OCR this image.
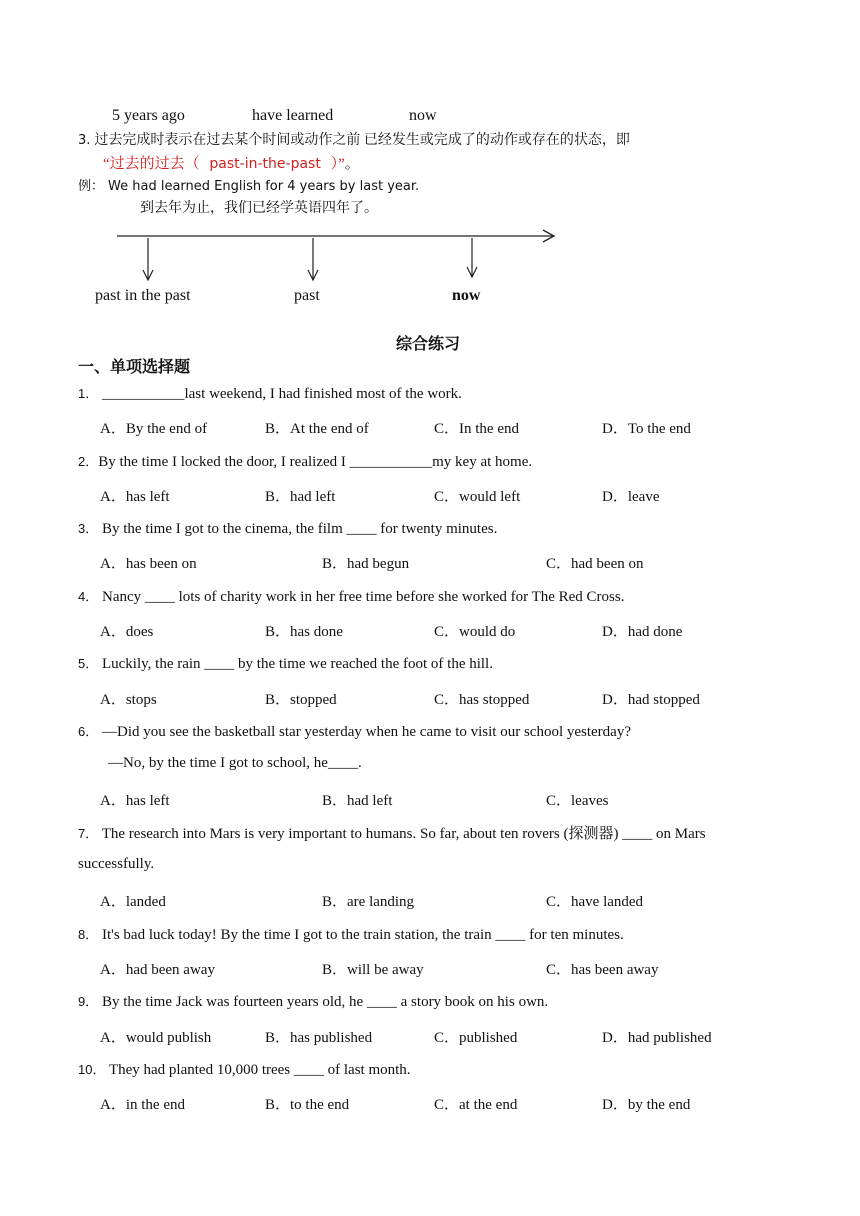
5 years ago	have learned	now
3. 过去完成时表示在过去某个时间或动作之前 已经发生或完成了的动作或存在的状态，即
“过去的过去（ past-in-the-past ）”。
例： We had learned English for 4 years by last year.
到去年为止，我们已经学英语四年了。
past in the past	past	now
综合练习
一、单项选择题
1． ___________last weekend, I had finished most of the work.
A．By the end of	B．At the end of	C．In the end	D．To the end
2．By the time I locked the door, I realized I ___________my key at home.
A．has left	B．had left	C．would left	D．leave
3． By the time I got to the cinema, the film ____ for twenty minutes.
A．has been on	B．had begun	C．had been on
4． Nancy ____ lots of charity work in her free time before she worked for The Red Cross.
A．does	B．has done	C．would do	D．had done
5． Luckily, the rain ____ by the time we reached the foot of the hill.
A．stops	B．stopped	C．has stopped	D．had stopped
6． —Did you see the basketball star yesterday when he came to visit our school yesterday?
—No, by the time I got to school, he____.
A．has left	B．had left	C．leaves
7． The research into Mars is very important to humans. So far, about ten rovers (探测器) ____ on Mars
successfully.
A．landed	B．are landing	C．have landed
8． It's bad luck today! By the time I got to the train station, the train ____ for ten minutes.
A．had been away	B．will be away	C．has been away
9． By the time Jack was fourteen years old, he ____ a story book on his own.
A．would publish	B．has published	C．published	D．had published
10． They had planted 10,000 trees ____ of last month.
A．in the end	B．to the end	C．at the end	D．by the end
